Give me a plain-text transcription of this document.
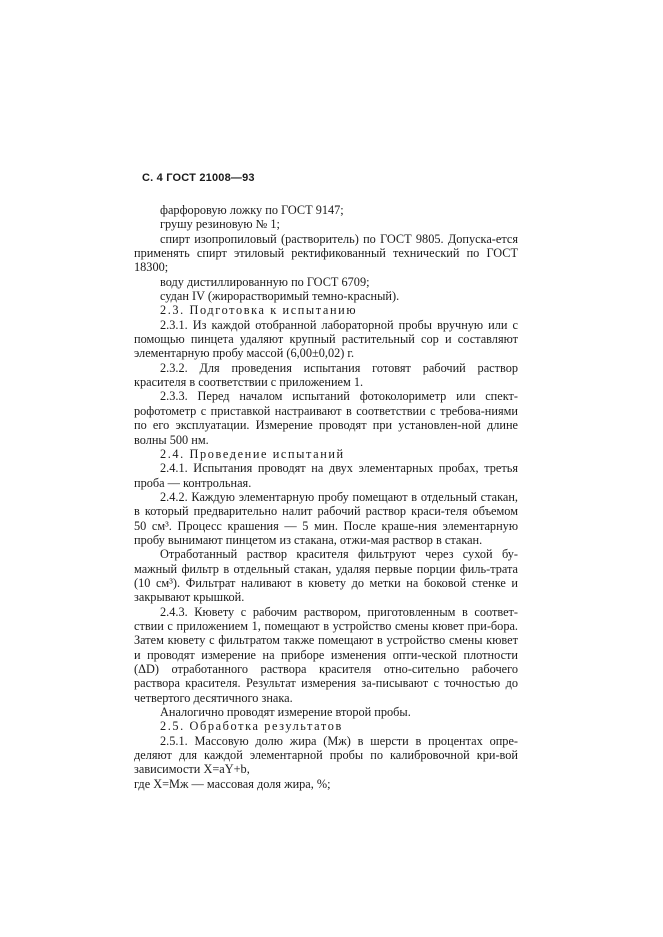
С. 4 ГОСТ 21008—93

фарфоровую ложку по ГОСТ 9147;

грушу резиновую № 1;

спирт изопропиловый (растворитель) по ГОСТ 9805. Допуска-ется применять спирт этиловый ректификованный технический по ГОСТ 18300;

воду дистиллированную по ГОСТ 6709;

судан IV (жирорастворимый темно-красный).

2.3. Подготовка к испытанию

2.3.1. Из каждой отобранной лабораторной пробы вручную или с помощью пинцета удаляют крупный растительный сор и составляют элементарную пробу массой (6,00±0,02) г.

2.3.2. Для проведения испытания готовят рабочий раствор красителя в соответствии с приложением 1.

2.3.3. Перед началом испытаний фотоколориметр или спект-рофотометр с приставкой настраивают в соответствии с требова-ниями по его эксплуатации. Измерение проводят при установлен-ной длине волны 500 нм.

2.4. Проведение испытаний

2.4.1. Испытания проводят на двух элементарных пробах, третья проба — контрольная.

2.4.2. Каждую элементарную пробу помещают в отдельный стакан, в который предварительно налит рабочий раствор краси-теля объемом 50 см³. Процесс крашения — 5 мин. После краше-ния элементарную пробу вынимают пинцетом из стакана, отжи-мая раствор в стакан.

Отработанный раствор красителя фильтруют через сухой бу-мажный фильтр в отдельный стакан, удаляя первые порции филь-трата (10 см³). Фильтрат наливают в кювету до метки на боковой стенке и закрывают крышкой.

2.4.3. Кювету с рабочим раствором, приготовленным в соответ-ствии с приложением 1, помещают в устройство смены кювет при-бора. Затем кювету с фильтратом также помещают в устройство смены кювет и проводят измерение на приборе изменения опти-ческой плотности (ΔD) отработанного раствора красителя отно-сительно рабочего раствора красителя. Результат измерения за-писывают с точностью до четвертого десятичного знака.

Аналогично проводят измерение второй пробы.

2.5. Обработка результатов

2.5.1. Массовую долю жира (Mж) в шерсти в процентах опре-деляют для каждой элементарной пробы по калибровочной кри-вой зависимости X=aY+b,

где X=Mж — массовая доля жира, %;
